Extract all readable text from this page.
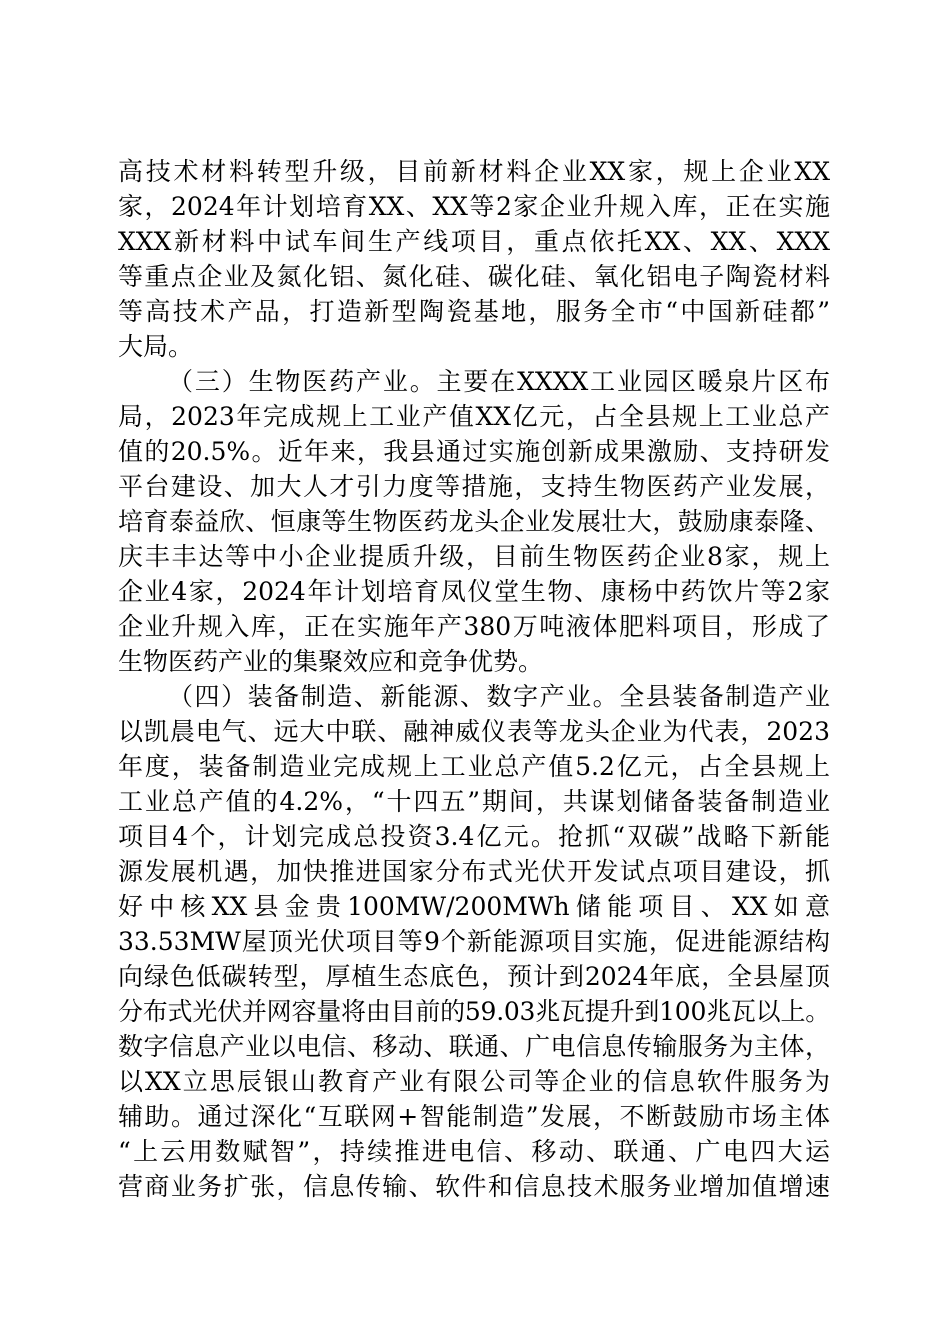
高技术材料转型升级，目前新材料企业XX家，规上企业XX
家，2024年计划培育XX、XX等2家企业升规入库，正在实施
XXX新材料中试车间生产线项目，重点依托XX、XX、XXX
等重点企业及氮化铝、氮化硅、碳化硅、氧化铝电子陶瓷材料
等高技术产品，打造新型陶瓷基地，服务全市“中国新硅都”
大局。
（三）生物医药产业。主要在XXXX工业园区暖泉片区布
局，2023年完成规上工业产值XX亿元，占全县规上工业总产
值的20.5%。近年来，我县通过实施创新成果激励、支持研发
平台建设、加大人才引力度等措施，支持生物医药产业发展，
培育泰益欣、恒康等生物医药龙头企业发展壮大，鼓励康泰隆、
庆丰丰达等中小企业提质升级，目前生物医药企业8家，规上
企业4家，2024年计划培育凤仪堂生物、康杨中药饮片等2家
企业升规入库，正在实施年产380万吨液体肥料项目，形成了
生物医药产业的集聚效应和竞争优势。
（四）装备制造、新能源、数字产业。全县装备制造产业
以凯晨电气、远大中联、融神威仪表等龙头企业为代表，2023
年度，装备制造业完成规上工业总产值5.2亿元，占全县规上
工业总产值的4.2%，“十四五”期间，共谋划储备装备制造业
项目4个，计划完成总投资3.4亿元。抢抓“双碳”战略下新能
源发展机遇，加快推进国家分布式光伏开发试点项目建设，抓
好中核XX县金贵100MW/200MWh储能项目、XX如意
33.53MW屋顶光伏项目等9个新能源项目实施，促进能源结构
向绿色低碳转型，厚植生态底色，预计到2024年底，全县屋顶
分布式光伏并网容量将由目前的59.03兆瓦提升到100兆瓦以上。
数字信息产业以电信、移动、联通、广电信息传输服务为主体，
以XX立思辰银山教育产业有限公司等企业的信息软件服务为
辅助。通过深化“互联网+智能制造”发展，不断鼓励市场主体
“上云用数赋智”，持续推进电信、移动、联通、广电四大运
营商业务扩张，信息传输、软件和信息技术服务业增加值增速
